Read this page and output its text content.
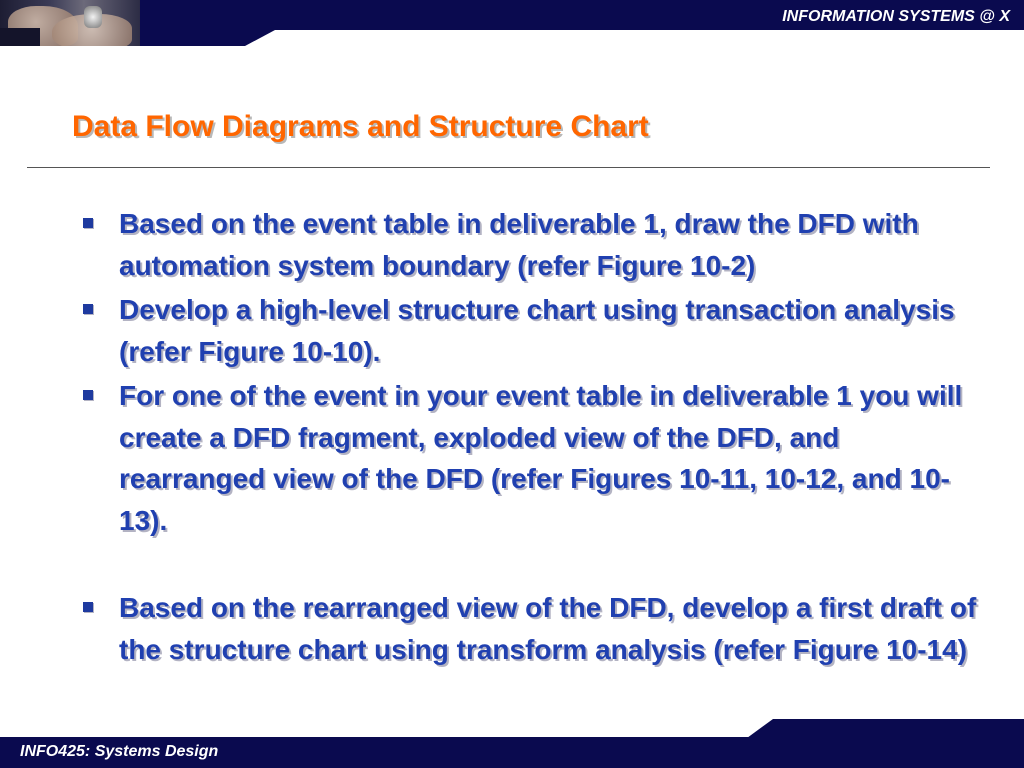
INFORMATION SYSTEMS @ X
Data Flow Diagrams and Structure Chart
Based on the event table in deliverable 1, draw the DFD with automation system boundary (refer Figure 10-2)
Develop a high-level structure chart using transaction analysis (refer Figure 10-10).
For one of the event in your event table in deliverable 1 you will create a DFD fragment, exploded view of the DFD, and rearranged view of the DFD (refer Figures 10-11, 10-12, and 10-13).
Based on the rearranged view of the DFD, develop a first draft of the structure chart using transform analysis (refer Figure 10-14)
INFO425: Systems Design
